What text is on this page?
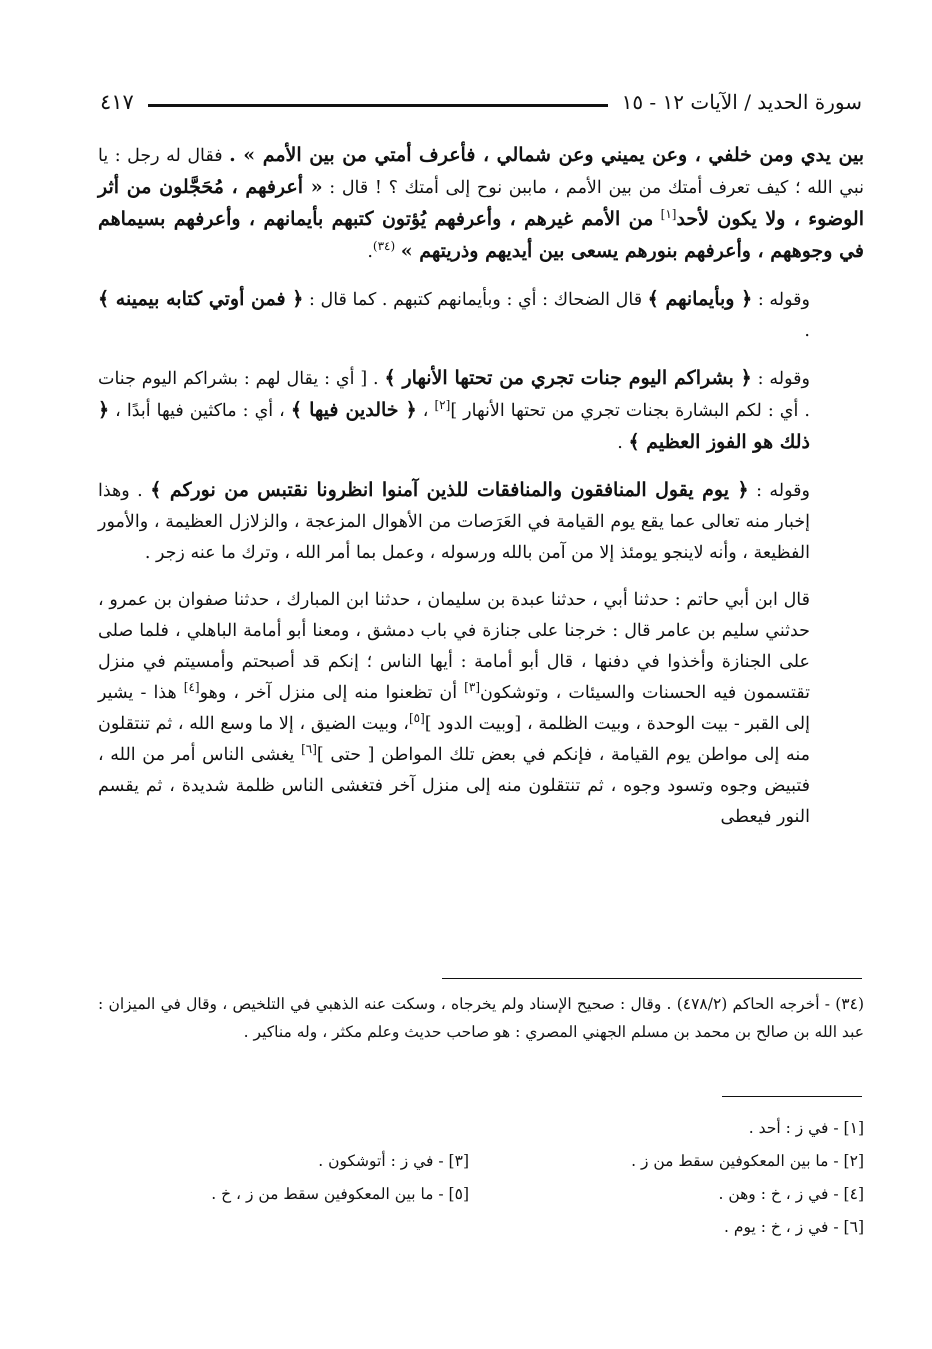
سورة الحديد / الآيات ١٢ - ١٥
٤١٧

بين يدي ومن خلفي ، وعن يميني وعن شمالي ، فأعرف أمتي من بين الأمم » . فقال له رجل : يا نبي الله ؛ كيف تعرف أمتك من بين الأمم ، ماببن نوح إلى أمتك ؟ ! قال : « أعرفهم ، مُحَجَّلون من أثر الوضوء ، ولا يكون لأحد[١] من الأمم غيرهم ، وأعرفهم يُؤتون كتبهم بأيمانهم ، وأعرفهم بسيماهم في وجوههم ، وأعرفهم بنورهم يسعى بين أيديهم وذريتهم » $^{(٣٤)}$.

وقوله : ﴿ وبأيمانهم ﴾ قال الضحاك : أي : وبأيمانهم كتبهم . كما قال : ﴿ فمن أوتي كتابه بيمينه ﴾ .

وقوله : ﴿ بشراكم اليوم جنات تجري من تحتها الأنهار ﴾ . [ أي : يقال لهم : بشراكم اليوم جنات . أي : لكم البشارة بجنات تجري من تحتها الأنهار ][٢] ، ﴿ خالدين فيها ﴾ ، أي : ماكثين فيها أبدًا ، ﴿ ذلك هو الفوز العظيم ﴾ .

وقوله : ﴿ يوم يقول المنافقون والمنافقات للذين آمنوا انظرونا نقتبس من نوركم ﴾ . وهذا إخبار منه تعالى عما يقع يوم القيامة في العَرَصات من الأهوال المزعجة ، والزلازل العظيمة ، والأمور الفظيعة ، وأنه لاينجو يومئذ إلا من آمن بالله ورسوله ، وعمل بما أمر الله ، وترك ما عنه زجر .

قال ابن أبي حاتم : حدثنا أبي ، حدثنا عبدة بن سليمان ، حدثنا ابن المبارك ، حدثنا صفوان بن عمرو ، حدثني سليم بن عامر قال : خرجنا على جنازة في باب دمشق ، ومعنا أبو أمامة الباهلي ، فلما صلى على الجنازة وأخذوا في دفنها ، قال أبو أمامة : أيها الناس ؛ إنكم قد أصبحتم وأمسيتم في منزل تقتسمون فيه الحسنات والسيئات ، وتوشكون[٣] أن تظعنوا منه إلى منزل آخر ، وهو[٤] هذا - يشير إلى القبر - بيت الوحدة ، وبيت الظلمة ، [وبيت الدود ][٥]، وبيت الضيق ، إلا ما وسع الله ، ثم تنتقلون منه إلى مواطن يوم القيامة ، فإنكم في بعض تلك المواطن [ حتى ][٦] يغشى الناس أمر من الله ، فتبيض وجوه وتسود وجوه ، ثم تنتقلون منه إلى منزل آخر فتغشى الناس ظلمة شديدة ، ثم يقسم النور فيعطى

(٣٤) - أخرجه الحاكم (٤٧٨/٢) . وقال : صحيح الإسناد ولم يخرجاه ، وسكت عنه الذهبي في التلخيص ، وقال في الميزان : عبد الله بن صالح بن محمد بن مسلم الجهني المصري : هو صاحب حديث وعلم مكثر ، وله مناكير .
[١] - في ز : أحد .
[٢] - ما بين المعكوفين سقط من ز .
[٣] - في ز : أتوشكون .
[٤] - في ز ، خ : وهن .
[٥] - ما بين المعكوفين سقط من ز ، خ .
[٦] - في ز ، خ : يوم .
